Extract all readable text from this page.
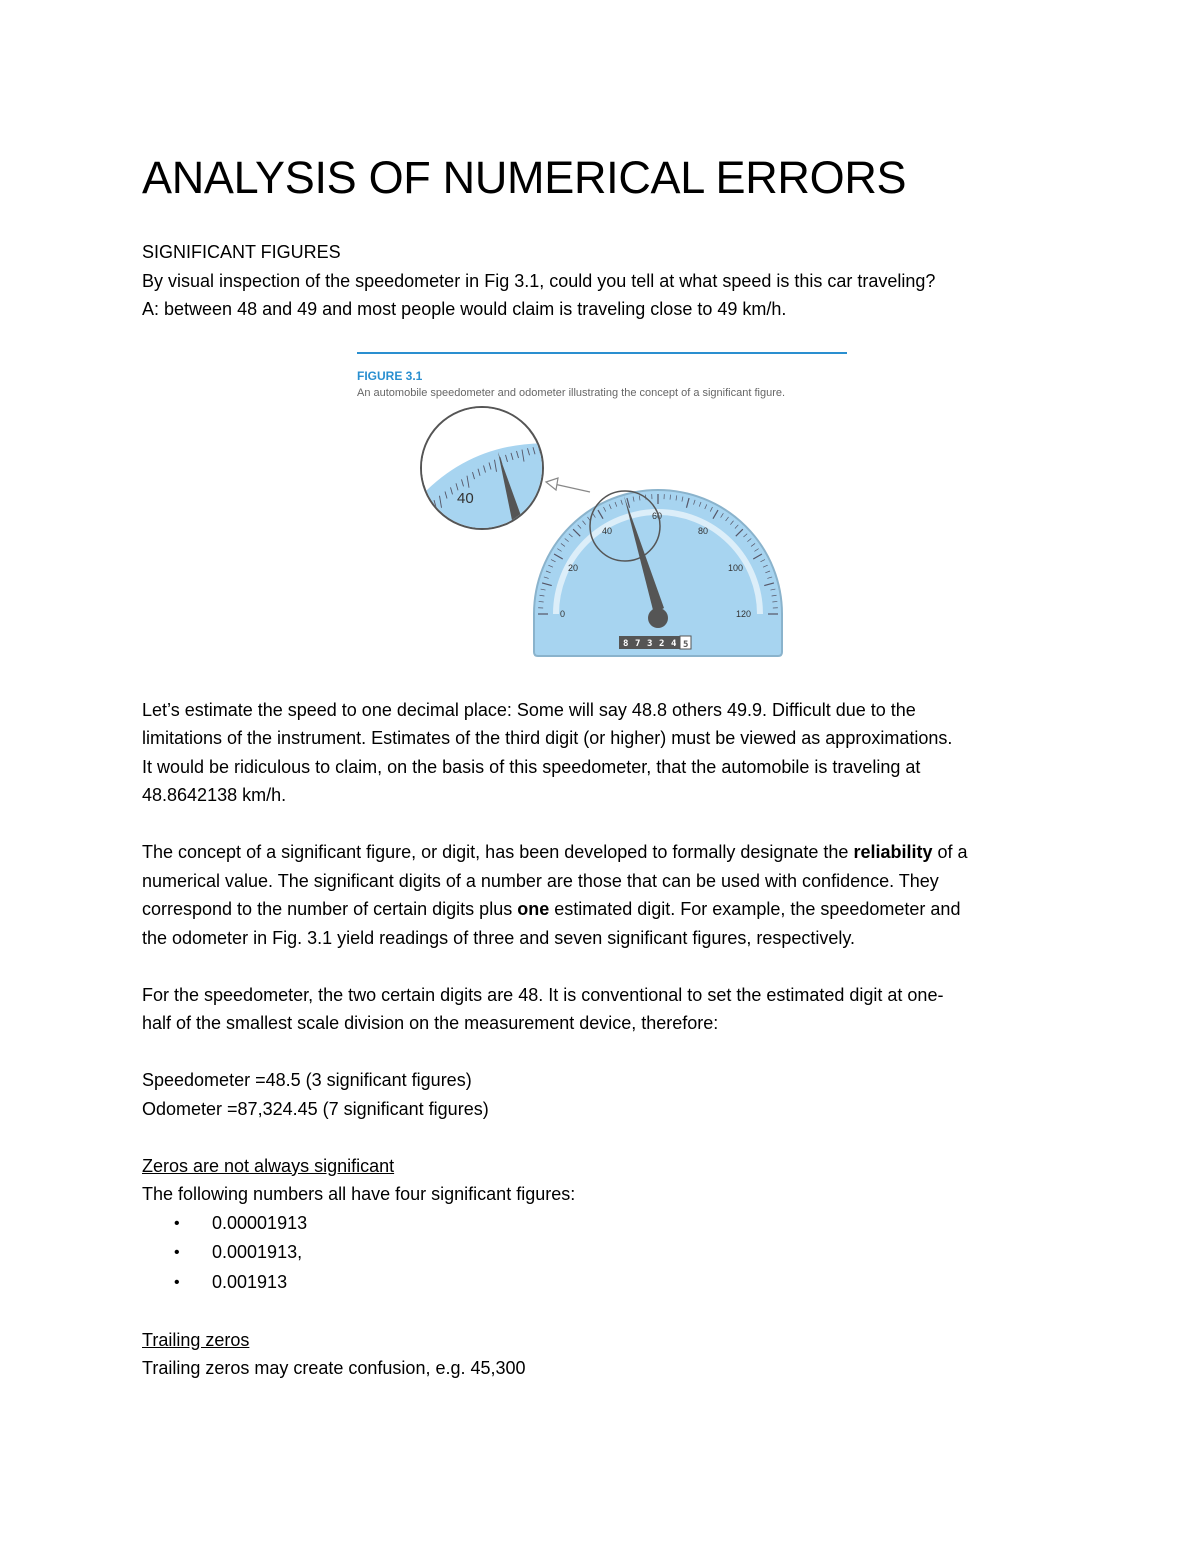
ANALYSIS OF NUMERICAL ERRORS

SIGNIFICANT FIGURES

By visual inspection of the speedometer in Fig 3.1, could you tell at what speed is this car traveling?

A: between 48 and 49 and most people would claim is traveling close to 49 km/h.

FIGURE 3.1
An automobile speedometer and odometer illustrating the concept of a significant figure.
0
20
40
60
80
100
120
8 7 3 2 4 5
40

Let’s estimate the speed to one decimal place: Some will say 48.8 others 49.9. Difficult due to the

limitations of the instrument. Estimates of the third digit (or higher) must be viewed as approximations.

It would be ridiculous to claim, on the basis of this speedometer, that the automobile is traveling at

48.8642138 km/h.

The concept of a significant figure, or digit, has been developed to formally designate the reliability of a

numerical value. The significant digits of a number are those that can be used with confidence. They

correspond to the number of certain digits plus one estimated digit. For example, the speedometer and

the odometer in Fig. 3.1 yield readings of three and seven significant figures, respectively.

For the speedometer, the two certain digits are 48. It is conventional to set the estimated digit at one-

half of the smallest scale division on the measurement device, therefore:

Speedometer =48.5 (3 significant figures)

Odometer =87,324.45 (7 significant figures)

Zeros are not always significant

The following numbers all have four significant figures:

• 0.00001913
• 0.0001913,
• 0.001913

Trailing zeros

Trailing zeros may create confusion, e.g. 45,300
